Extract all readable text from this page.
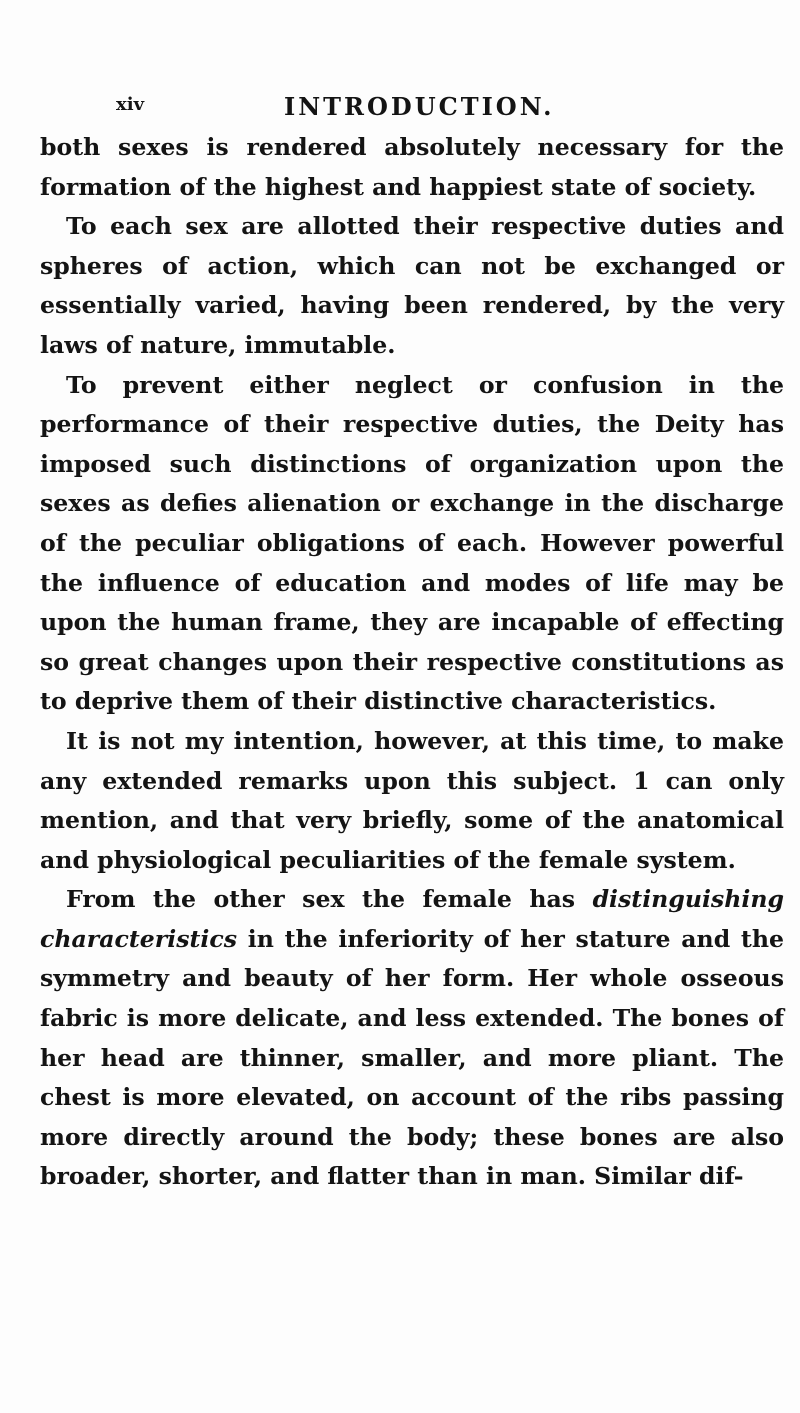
xiv	INTRODUCTION.

both sexes is rendered absolutely necessary for the formation of the highest and happiest state of society.

To each sex are allotted their respective duties and spheres of action, which can not be exchanged or essentially varied, having been rendered, by the very laws of nature, immutable.

To prevent either neglect or confusion in the performance of their respective duties, the Deity has imposed such distinctions of organization upon the sexes as defies alienation or exchange in the discharge of the peculiar obligations of each. However powerful the influence of education and modes of life may be upon the human frame, they are incapable of effecting so great changes upon their respective constitutions as to deprive them of their distinctive characteristics.

It is not my intention, however, at this time, to make any extended remarks upon this subject. 1 can only mention, and that very briefly, some of the anatomical and physiological peculiarities of the female system.

From the other sex the female has distinguishing characteristics in the inferiority of her stature and the symmetry and beauty of her form. Her whole osseous fabric is more delicate, and less extended. The bones of her head are thinner, smaller, and more pliant. The chest is more elevated, on account of the ribs passing more directly around the body; these bones are also broader, shorter, and flatter than in man. Similar dif-
